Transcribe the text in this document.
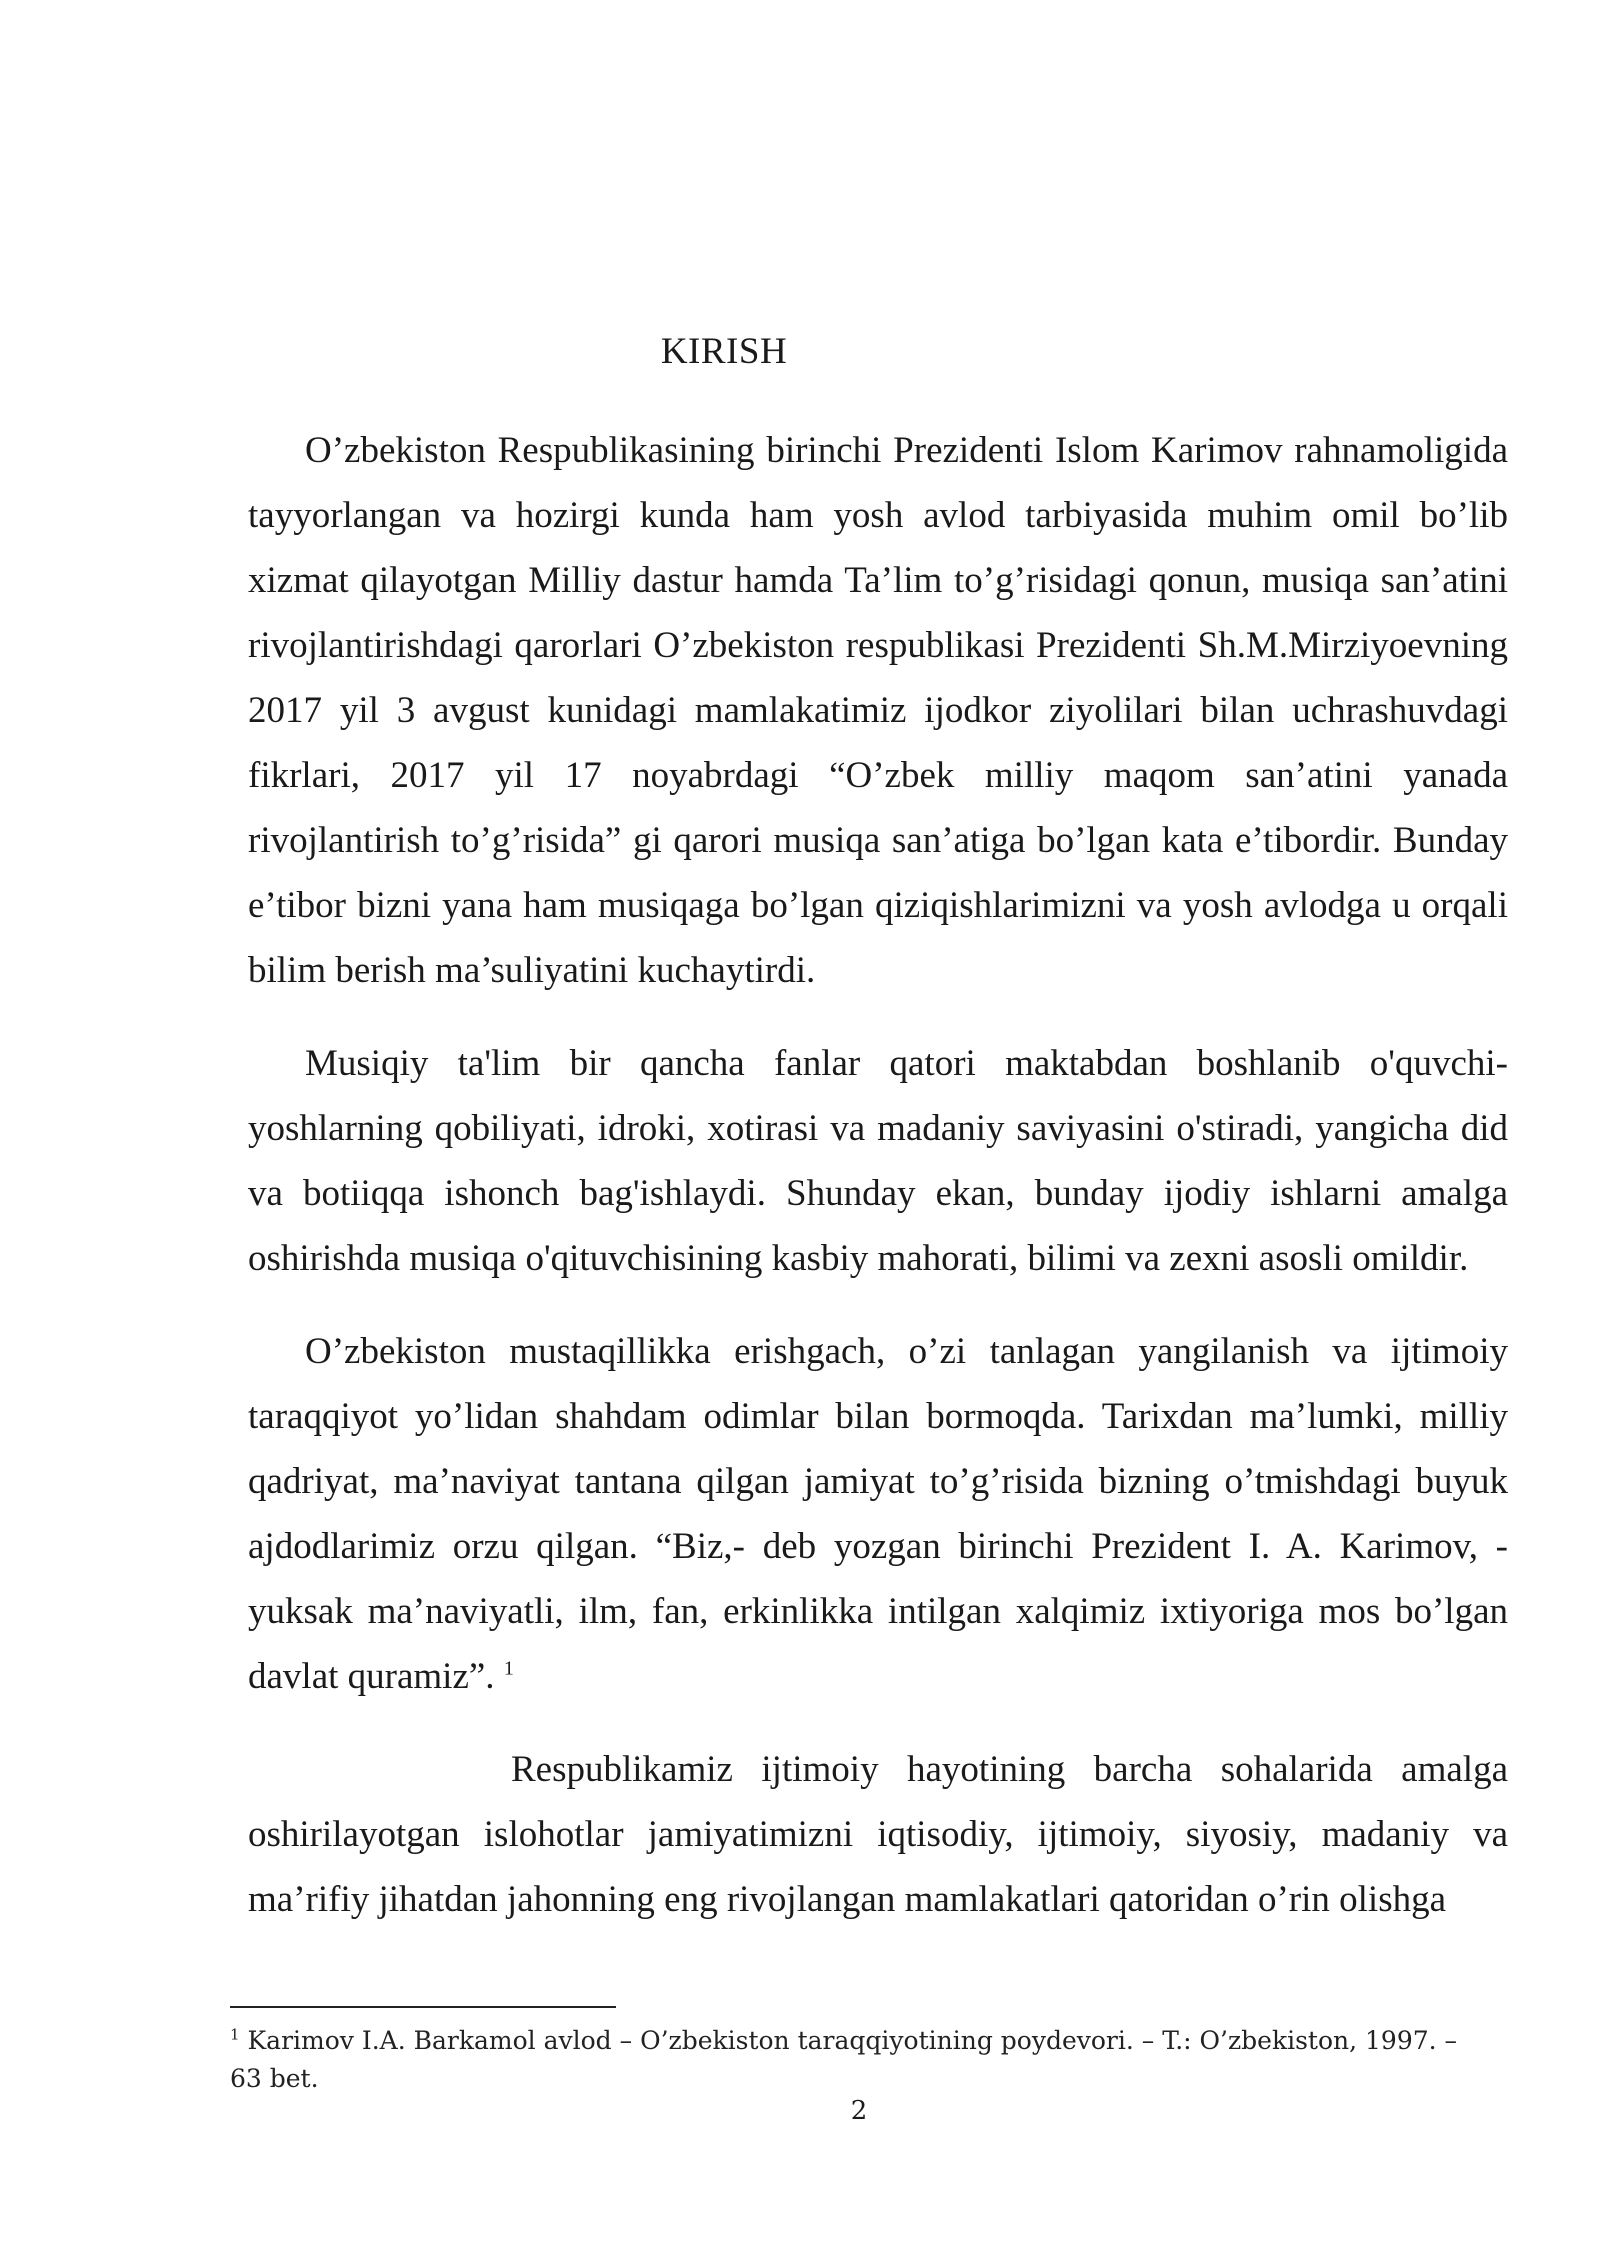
KIRISH

O’zbekiston Respublikasining birinchi Prezidenti Islom Karimov rahnamoligida tayyorlangan va hozirgi kunda ham yosh avlod tarbiyasida muhim omil bo’lib xizmat qilayotgan Milliy dastur hamda Ta’lim to’g’risidagi qonun, musiqa san’atini rivojlantirishdagi qarorlari O’zbekiston respublikasi Prezidenti Sh.M.Mirziyoevning 2017 yil 3 avgust kunidagi mamlakatimiz ijodkor ziyolilari bilan uchrashuvdagi fikrlari, 2017 yil 17 noyabrdagi “O’zbek milliy maqom san’atini yanada rivojlantirish to’g’risida” gi qarori musiqa san’atiga bo’lgan kata e’tibordir. Bunday e’tibor bizni yana ham musiqaga bo’lgan qiziqishlarimizni va yosh avlodga u orqali bilim berish ma’suliyatini kuchaytirdi.

Musiqiy ta'lim bir qancha fanlar qatori maktabdan boshlanib o'quvchi-yoshlarning qobiliyati, idroki, xotirasi va madaniy saviyasini o'stiradi, yangicha did va botiiqqa ishonch bag'ishlaydi. Shunday ekan, bunday ijodiy ishlarni amalga oshirishda musiqa o'qituvchisining kasbiy mahorati, bilimi va zexni asosli omildir.

O’zbekiston mustaqillikka erishgach, o’zi tanlagan yangilanish va ijtimoiy taraqqiyot yo’lidan shahdam odimlar bilan bormoqda. Tarixdan ma’lumki, milliy qadriyat, ma’naviyat tantana qilgan jamiyat to’g’risida bizning o’tmishdagi buyuk ajdodlarimiz orzu qilgan. “Biz,- deb yozgan birinchi Prezident I. A. Karimov, - yuksak ma’naviyatli, ilm, fan, erkinlikka intilgan xalqimiz ixtiyoriga mos bo’lgan davlat quramiz”. $^1$

Respublikamiz ijtimoiy hayotining barcha sohalarida amalga oshirilayotgan islohotlar jamiyatimizni iqtisodiy, ijtimoiy, siyosiy, madaniy va ma’rifiy jihatdan jahonning eng rivojlangan mamlakatlari qatoridan o’rin olishga

$^1$ Karimov I.A. Barkamol avlod – O’zbekiston taraqqiyotining poydevori. – T.: O’zbekiston, 1997. – 63 bet.
2
